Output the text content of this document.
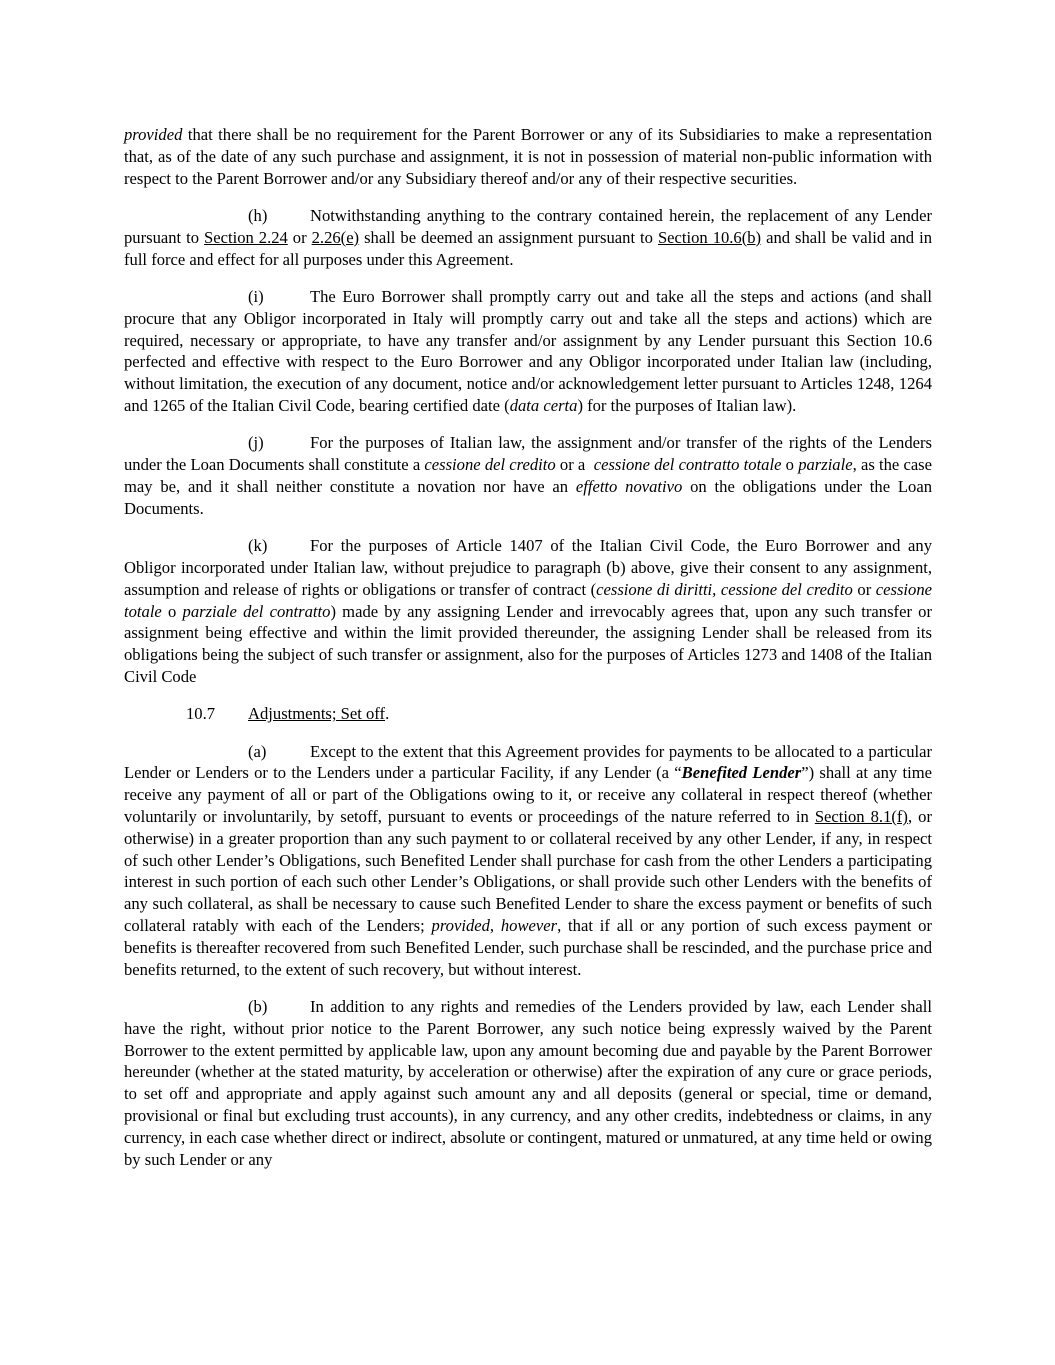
provided that there shall be no requirement for the Parent Borrower or any of its Subsidiaries to make a representation that, as of the date of any such purchase and assignment, it is not in possession of material non-public information with respect to the Parent Borrower and/or any Subsidiary thereof and/or any of their respective securities.

(h)	Notwithstanding anything to the contrary contained herein, the replacement of any Lender pursuant to Section 2.24 or 2.26(e) shall be deemed an assignment pursuant to Section 10.6(b) and shall be valid and in full force and effect for all purposes under this Agreement.

(i)	The Euro Borrower shall promptly carry out and take all the steps and actions (and shall procure that any Obligor incorporated in Italy will promptly carry out and take all the steps and actions) which are required, necessary or appropriate, to have any transfer and/or assignment by any Lender pursuant this Section 10.6 perfected and effective with respect to the Euro Borrower and any Obligor incorporated under Italian law (including, without limitation, the execution of any document, notice and/or acknowledgement letter pursuant to Articles 1248, 1264 and 1265 of the Italian Civil Code, bearing certified date (data certa) for the purposes of Italian law).

(j)	For the purposes of Italian law, the assignment and/or transfer of the rights of the Lenders under the Loan Documents shall constitute a cessione del credito or a  cessione del contratto totale o parziale, as the case may be, and it shall neither constitute a novation nor have an effetto novativo on the obligations under the Loan Documents.

(k)	For the purposes of Article 1407 of the Italian Civil Code, the Euro Borrower and any Obligor incorporated under Italian law, without prejudice to paragraph (b) above, give their consent to any assignment, assumption and release of rights or obligations or transfer of contract (cessione di diritti, cessione del credito or cessione totale o parziale del contratto) made by any assigning Lender and irrevocably agrees that, upon any such transfer or assignment being effective and within the limit provided thereunder, the assigning Lender shall be released from its obligations being the subject of such transfer or assignment, also for the purposes of Articles 1273 and 1408 of the Italian Civil Code

10.7 Adjustments; Set off.

(a)	Except to the extent that this Agreement provides for payments to be allocated to a particular Lender or Lenders or to the Lenders under a particular Facility, if any Lender (a “Benefited Lender”) shall at any time receive any payment of all or part of the Obligations owing to it, or receive any collateral in respect thereof (whether voluntarily or involuntarily, by setoff, pursuant to events or proceedings of the nature referred to in Section 8.1(f), or otherwise) in a greater proportion than any such payment to or collateral received by any other Lender, if any, in respect of such other Lender’s Obligations, such Benefited Lender shall purchase for cash from the other Lenders a participating interest in such portion of each such other Lender’s Obligations, or shall provide such other Lenders with the benefits of any such collateral, as shall be necessary to cause such Benefited Lender to share the excess payment or benefits of such collateral ratably with each of the Lenders; provided, however, that if all or any portion of such excess payment or benefits is thereafter recovered from such Benefited Lender, such purchase shall be rescinded, and the purchase price and benefits returned, to the extent of such recovery, but without interest.

(b)	In addition to any rights and remedies of the Lenders provided by law, each Lender shall have the right, without prior notice to the Parent Borrower, any such notice being expressly waived by the Parent Borrower to the extent permitted by applicable law, upon any amount becoming due and payable by the Parent Borrower hereunder (whether at the stated maturity, by acceleration or otherwise) after the expiration of any cure or grace periods, to set off and appropriate and apply against such amount any and all deposits (general or special, time or demand, provisional or final but excluding trust accounts), in any currency, and any other credits, indebtedness or claims, in any currency, in each case whether direct or indirect, absolute or contingent, matured or unmatured, at any time held or owing by such Lender or any
